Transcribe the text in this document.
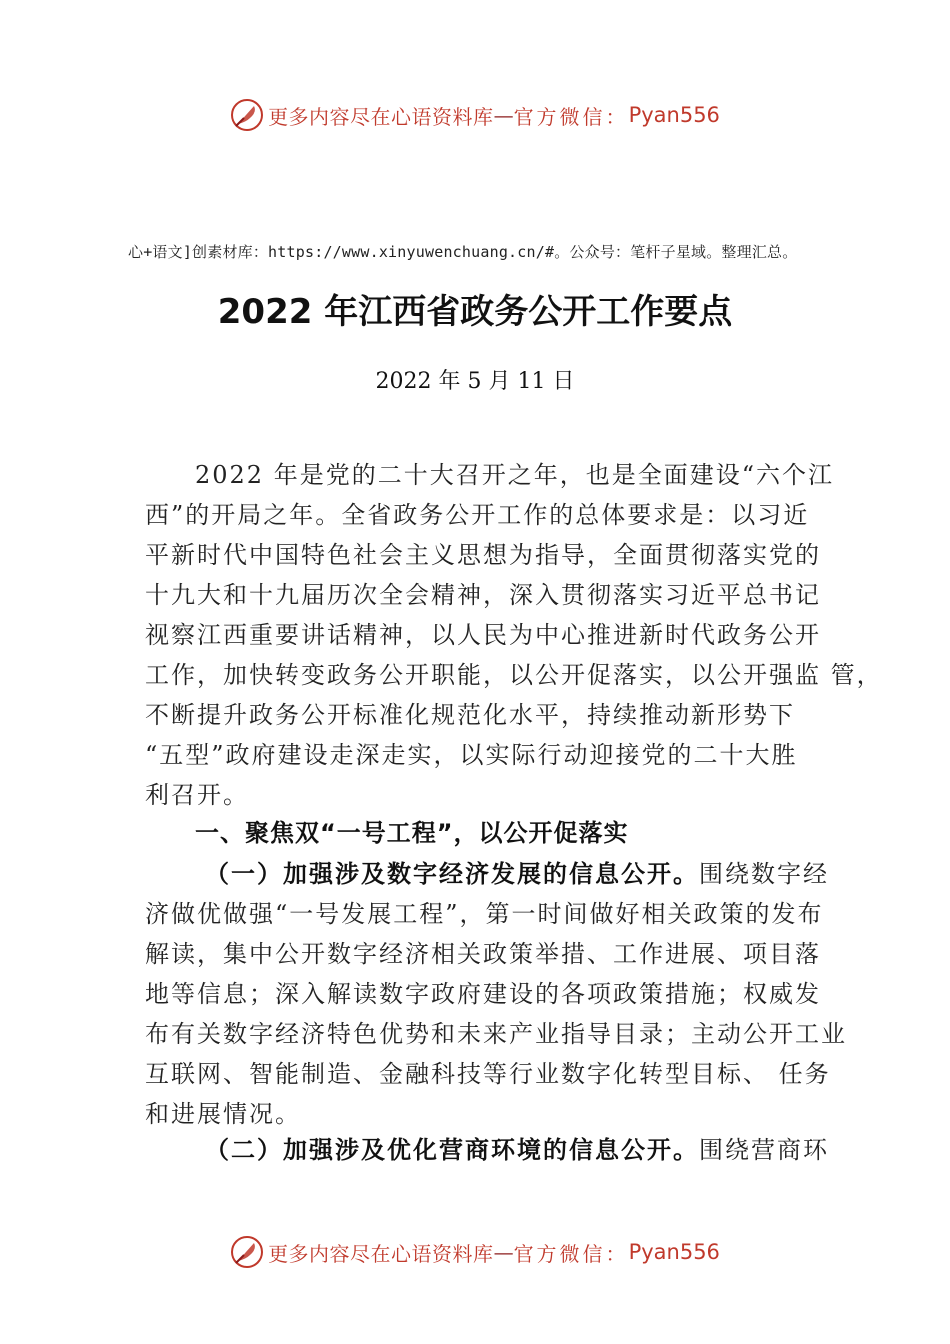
更多内容尽在心语资料库 — 官方微信： Pyan556
心+语文]创素材库：https://www.xinyuwenchuang.cn/#。公众号：笔杆子星域。整理汇总。
2022 年江西省政务公开工作要点
2022 年 5 月 11 日
2022 年是党的二十大召开之年，也是全面建设“六个江
西”的开局之年。全省政务公开工作的总体要求是：以习近
平新时代中国特色社会主义思想为指导，全面贯彻落实党的
十九大和十九届历次全会精神，深入贯彻落实习近平总书记
视察江西重要讲话精神，以人民为中心推进新时代政务公开
工作，加快转变政务公开职能，以公开促落实，以公开强监 管，
不断提升政务公开标准化规范化水平，持续推动新形势下
“五型”政府建设走深走实，以实际行动迎接党的二十大胜
利召开。
一、聚焦双“一号工程”，以公开促落实
（一）加强涉及数字经济发展的信息公开。围绕数字经
济做优做强“一号发展工程”，第一时间做好相关政策的发布
解读，集中公开数字经济相关政策举措、工作进展、项目落
地等信息；深入解读数字政府建设的各项政策措施；权威发
布有关数字经济特色优势和未来产业指导目录；主动公开工业
互联网、智能制造、金融科技等行业数字化转型目标、 任务
和进展情况。
（二）加强涉及优化营商环境的信息公开。围绕营商环
更多内容尽在心语资料库 — 官方微信： Pyan556
